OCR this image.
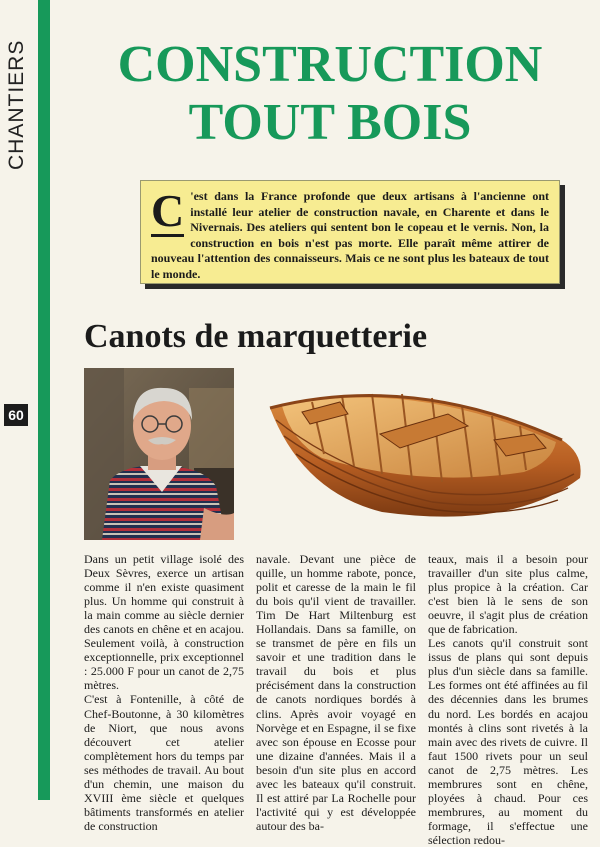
CHANTIERS
60
CONSTRUCTION
TOUT BOIS
C 'est dans la France profonde que deux artisans à l'ancienne ont installé leur atelier de construction navale, en Charente et dans le Nivernais. Des ateliers qui sentent bon le copeau et le vernis. Non, la construction en bois n'est pas morte. Elle paraît même attirer de nouveau l'attention des connaisseurs. Mais ce ne sont plus les bateaux de tout le monde.
Canots de marquetterie

Dans un petit village isolé des Deux Sèvres, exerce un artisan comme il n'en existe quasiment plus. Un homme qui construit à la main comme au siècle dernier des canots en chêne et en acajou. Seulement voilà, à construction exceptionnelle, prix exceptionnel : 25.000 F pour un canot de 2,75 mètres.

C'est à Fontenille, à côté de Chef-Boutonne, à 30 kilomètres de Niort, que nous avons découvert cet atelier complètement hors du temps par ses méthodes de travail. Au bout d'un chemin, une maison du XVIII ème siècle et quelques bâtiments transformés en atelier de construction

navale. Devant une pièce de quille, un homme rabote, ponce, polit et caresse de la main le fil du bois qu'il vient de travailler. Tim De Hart Miltenburg est Hollandais. Dans sa famille, on se transmet de père en fils un savoir et une tradition dans le travail du bois et plus précisément dans la construction de canots nordiques bordés à clins. Après avoir voyagé en Norvège et en Espagne, il se fixe avec son épouse en Ecosse pour une dizaine d'années. Mais il a besoin d'un site plus en accord avec les bateaux qu'il construit. Il est attiré par La Rochelle pour l'activité qui y est développée autour des ba-

teaux, mais il a besoin pour travailler d'un site plus calme, plus propice à la création. Car c'est bien là le sens de son oeuvre, il s'agit plus de création que de fabrication.

Les canots qu'il construit sont issus de plans qui sont depuis plus d'un siècle dans sa famille. Les formes ont été affinées au fil des décennies dans les brumes du nord. Les bordés en acajou montés à clins sont rivetés à la main avec des rivets de cuivre. Il faut 1500 rivets pour un seul canot de 2,75 mètres. Les membrures sont en chêne, ployées à chaud. Pour ces membrures, au moment du formage, il s'effectue une sélection redou-
